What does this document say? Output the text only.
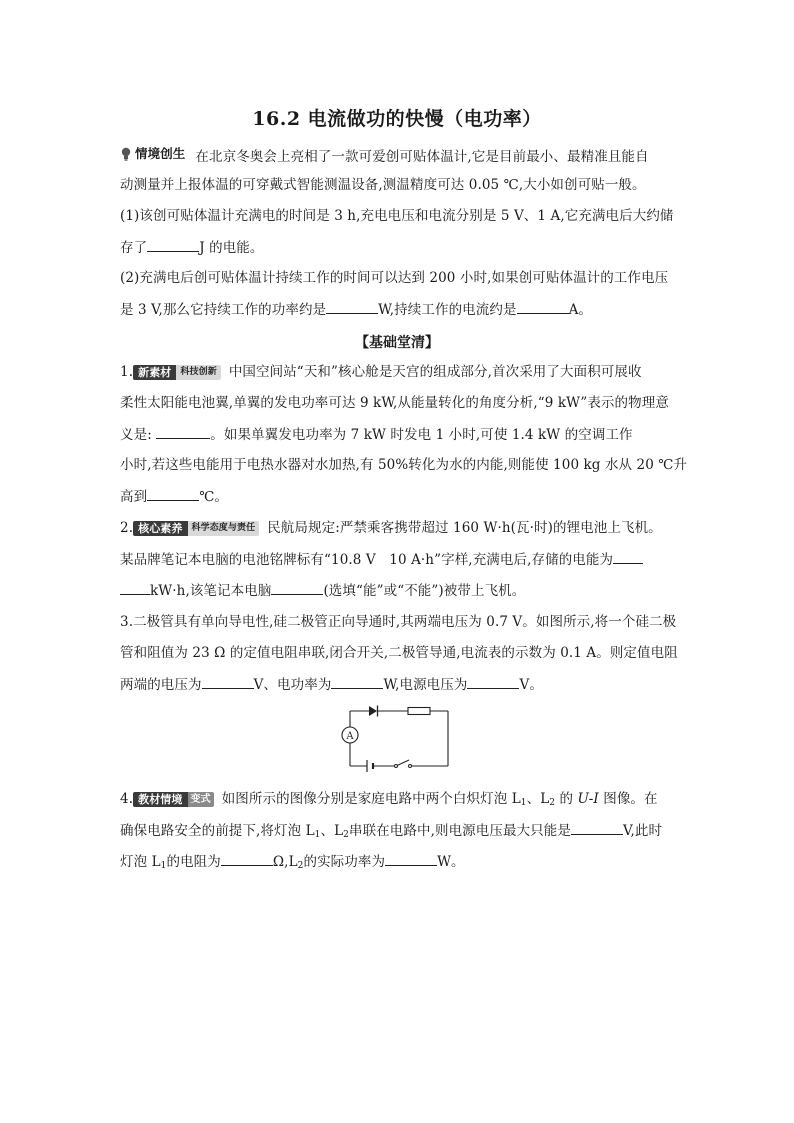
16.2 电流做功的快慢（电功率）
情境创生 在北京冬奥会上亮相了一款可爱创可贴体温计,它是目前最小、最精准且能自
动测量并上报体温的可穿戴式智能测温设备,测温精度可达 0.05 ℃,大小如创可贴一般。
(1)该创可贴体温计充满电的时间是 3 h,充电电压和电流分别是 5 V、1 A,它充满电后大约储
存了	J 的电能。
(2)充满电后创可贴体温计持续工作的时间可以达到 200 小时,如果创可贴体温计的工作电压
是 3 V,那么它持续工作的功率约是	W,持续工作的电流约是	A。
【基础堂清】
1. 新素材	科技创新 中国空间站“天和”核心舱是天宫的组成部分,首次采用了大面积可展收
柔性太阳能电池翼,单翼的发电功率可达 9 kW,从能量转化的角度分析,“9 kW”表示的物理意
义是:	。如果单翼发电功率为 7 kW 时发电 1 小时,可使 1.4 kW 的空调工作
小时,若这些电能用于电热水器对水加热,有 50%转化为水的内能,则能使 100 kg 水从 20 ℃升
高到	℃。
2. 核心素养	科学态度与责任 民航局规定:严禁乘客携带超过 160 W·h(瓦·时)的锂电池上飞机。
某品牌笔记本电脑的电池铭牌标有“10.8 V　10 A·h”字样,充满电后,存储的电能为
kW·h,该笔记本电脑	(选填“能”或“不能”)被带上飞机。
3.二极管具有单向导电性,硅二极管正向导通时,其两端电压为 0.7 V。如图所示,将一个硅二极
管和阻值为 23 Ω 的定值电阻串联,闭合开关,二极管导通,电流表的示数为 0.1 A。则定值电阻
两端的电压为	V、电功率为	W,电源电压为	V。
A
4. 教材情境 变式 如图所示的图像分别是家庭电路中两个白炽灯泡 $L_1$、$L_2$ 的 U-I 图像。在
确保电路安全的前提下,将灯泡 $L_1$、$L_2$串联在电路中,则电源电压最大只能是	V,此时
灯泡 $L_1$的电阻为	$\Omega,L_2$的实际功率为	W。
